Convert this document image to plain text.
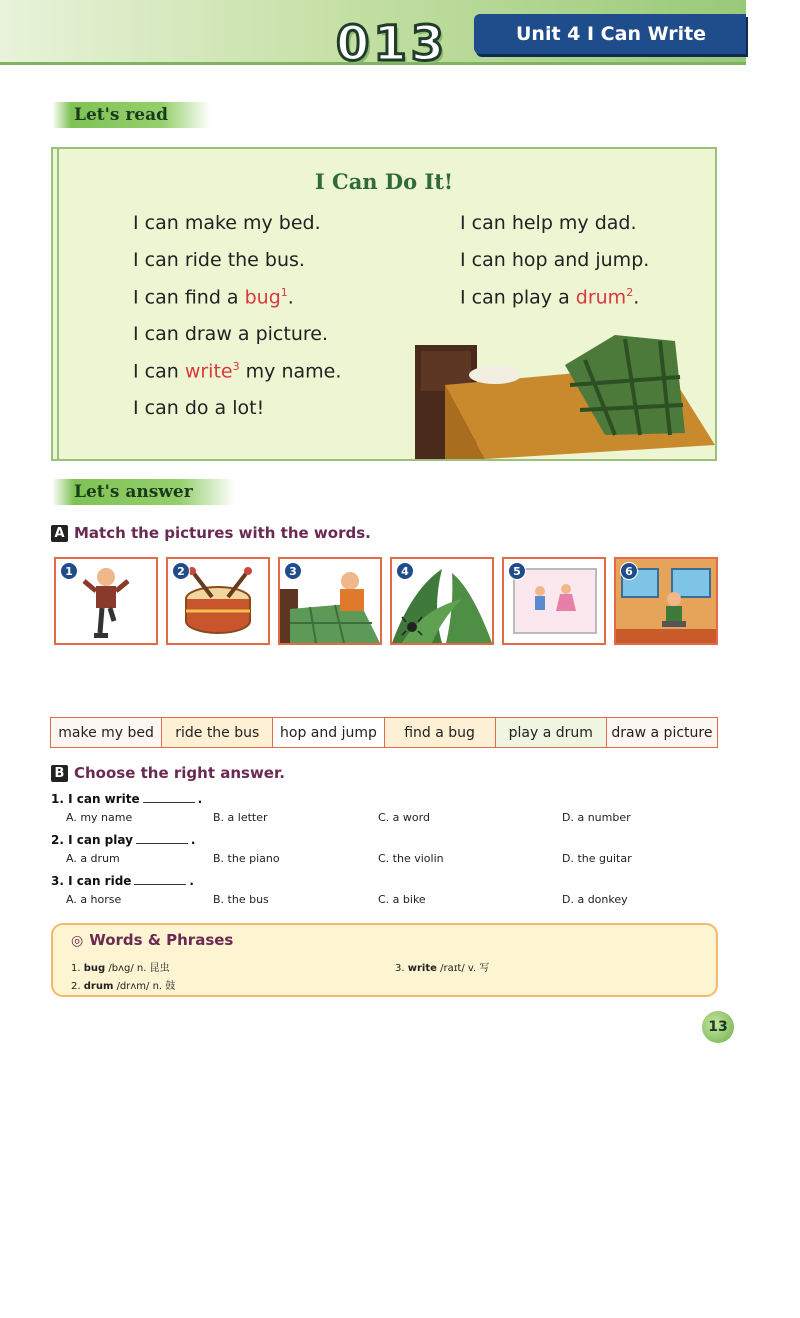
013	Unit 4 I Can Write
Let's read
I Can Do It!
I can make my bed.
I can ride the bus.
I can find a bug$^1$.
I can draw a picture.
I can write$^3$ my name.
I can do a lot!
I can help my dad.
I can hop and jump.
I can play a drum$^2$.
Let's answer
A Match the pictures with the words.
1	2	3	4	5	6
make my bed	ride the bus	hop and jump	find a bug	play a drum	draw a picture
B Choose the right answer.
1. I can write	.
A. my name	B. a letter	C. a word	D. a number
2. I can play	.
A. a drum	B. the piano	C. the violin	D. the guitar
3. I can ride	.
A. a horse	B. the bus	C. a bike	D. a donkey
◎ Words & Phrases
1. bug /bʌg/ n. 昆虫
2. drum /drʌm/ n. 鼓
3. write /raɪt/ v. 写
13
